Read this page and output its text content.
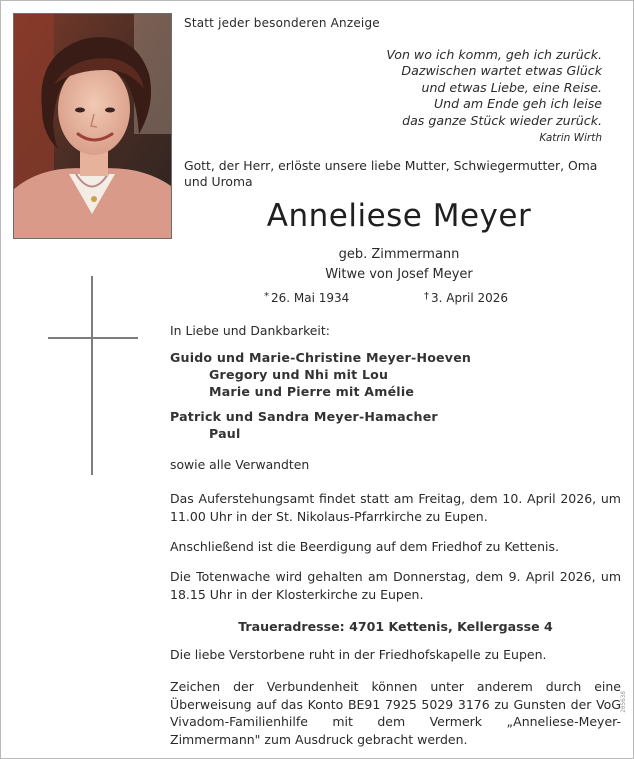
Statt jeder besonderen Anzeige
Von wo ich komm, geh ich zurück.
Dazwischen wartet etwas Glück
und etwas Liebe, eine Reise.
Und am Ende geh ich leise
das ganze Stück wieder zurück.
Katrin Wirth
Gott, der Herr, erlöste unsere liebe Mutter, Schwiegermutter, Oma und Uroma
Anneliese Meyer
geb. Zimmermann
Witwe von Josef Meyer
* 26. Mai 1934	† 3. April 2026
In Liebe und Dankbarkeit:
Guido und Marie-Christine Meyer-Hoeven
Gregory und Nhi mit Lou
Marie und Pierre mit Amélie
Patrick und Sandra Meyer-Hamacher
Paul
sowie alle Verwandten
Das Auferstehungsamt findet statt am Freitag, dem 10. April 2026, um 11.00 Uhr in der St. Nikolaus-Pfarrkirche zu Eupen.
Anschließend ist die Beerdigung auf dem Friedhof zu Kettenis.
Die Totenwache wird gehalten am Donnerstag, dem 9. April 2026, um 18.15 Uhr in der Klosterkirche zu Eupen.
Traueradresse: 4701 Kettenis, Kellergasse 4
Die liebe Verstorbene ruht in der Friedhofskapelle zu Eupen.
Zeichen der Verbundenheit können unter anderem durch eine Überweisung auf das Konto BE91 7925 5029 3176 zu Gunsten der VoG Vivadom-Familienhilfe mit dem Vermerk „Anneliese-Meyer-Zimmermann" zum Ausdruck gebracht werden.
205638
